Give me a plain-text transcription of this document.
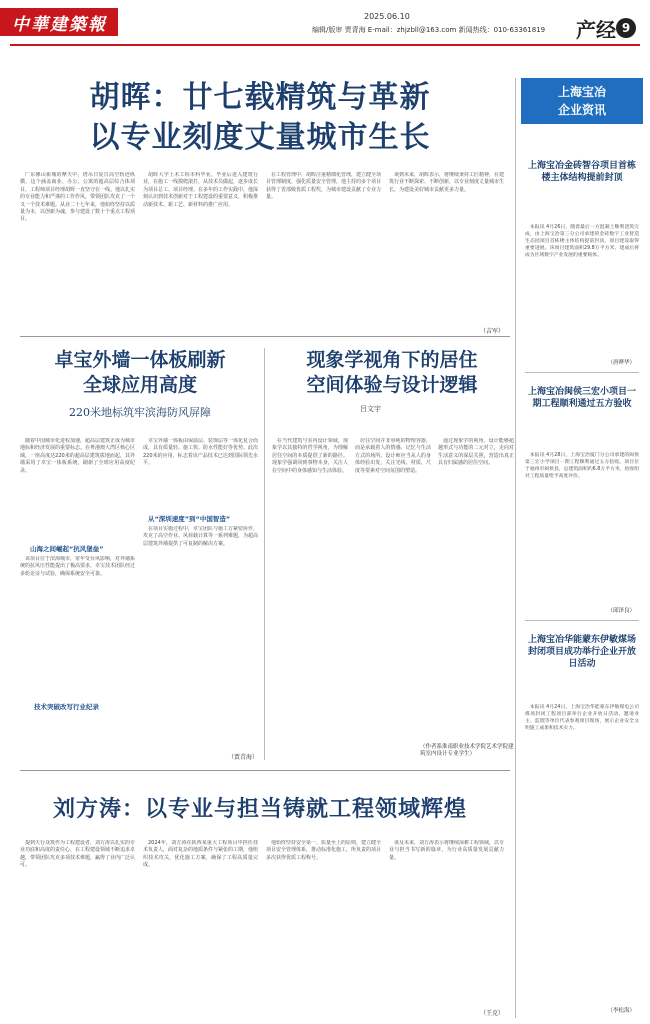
中華建築報	2025.06.10
编辑/版审 贾青海 E-mail：zhjzbll@163.com 新闻热线：010-63361819 产经 9
胡晖：廿七载精筑与革新
以专业刻度丈量城市生长

广东佛山新城的摩天中，塔吊日复日高空轨迹纵横，这个涵盖商业、办公、公寓的超高层综合体项目，工程师项目经理胡晖一直坚守在一线。他以扎实的专业能力和严谨的工作作风，带领团队攻克了一个又一个技术难题。从业二十七年来，他始终坚持以质量为本，以创新为魂，参与建设了数十个重点工程项目。

胡晖大学土木工程本科毕业，毕业后进入建筑行业，在施工一线摸爬滚打，从技术员做起，逐步成长为项目总工、项目经理。在多年的工作实践中，他深刻认识到技术创新对于工程建设的重要意义，积极推动新技术、新工艺、新材料的推广应用。

在工程管理中，胡晖注重精细化管理，建立健全项目管理制度，强化质量安全管理。他主持的多个项目获得了省部级优质工程奖，为城市建设贡献了专业力量。

谈到未来，胡晖表示，将继续秉持工匠精神，在建筑行业不断探索、不断创新，以专业刻度丈量城市生长，为建设美好城市贡献更多力量。

（吉军）
卓宝外墙一体板刷新
全球应用高度
220米地标筑牢滨海防风屏障

随着中国城市化进程加速，超高层建筑正成为城市地标和经济发展的重要标志。在粤港澳大湾区核心区域，一座高度达220米的超高层建筑拔地而起，其外墙采用了卓宝一体板系统，刷新了全球应用高度纪录。

山海之间崛起“抗风堡垒”

该项目位于滨海城市，常年受台风影响，对外墙系统的抗风压性能提出了极高要求。卓宝技术团队经过多轮论证与试验，确保系统安全可靠。

技术突破改写行业纪录

卓宝外墙一体板由保温层、装饰层等一体化复合而成，具有质量轻、施工快、防水性能好等优势。此次220米的应用，标志着该产品技术已达到国际领先水平。

从“深圳速度”到“中国智造”

在项目实施过程中，卓宝团队与施工方紧密协作，攻克了高空作业、风荷载计算等一系列难题，为超高层建筑外墙提供了可复制的解决方案。

（贾青海）
现象学视角下的居住
空间体验与设计逻辑
吕文宇

在当代建筑与室内设计领域，现象学以其独特的哲学视角，为理解居住空间的本质提供了新的路径。现象学强调回到事物本身，关注人在空间中的身体感知与生活体验。

居住空间并非单纯的物理容器，而是承载着人的情感、记忆与生活方式的场所。设计师应当从人的身体经验出发，关注光线、材质、尺度等要素对空间氛围的塑造。

通过现象学的视角，设计能够超越形式与功能的二元对立，走向对生活意义的深层关照，营造出真正具有归属感的居住空间。

（作者系淮南职业技术学院艺术学院建筑室内设计专业学生）
刘方涛：以专业与担当铸就工程领域辉煌

提到天行众筑作为工程建设者，刘方涛以扎实的专业功底和高度的责任心，在工程建设领域不断追求卓越，带领团队攻克多项技术难题，赢得了业内广泛认可。

2024年，刘方涛在陕西某重大工程项目中担任技术负责人，面对复杂的地质条件与紧张的工期，他组织技术攻关，优化施工方案，确保了工程高质量完成。

他始终坚持安全第一、质量至上的原则，建立健全项目安全管理体系，推动标准化施工，所负责的项目多次获得优质工程称号。

谈及未来，刘方涛表示将继续深耕工程领域，以专业与担当书写新的篇章，为行业高质量发展贡献力量。

（王克）
上海宝冶
企业资讯
上海宝冶金砖智谷项目首栋楼主体结构提前封顶

本报讯 4月26日，随着最后一方混凝土顺利浇筑完成，由上海宝冶第三分公司承建的金砖数字工业智造生态园项目首栋楼主体结构提前封顶，项目建设取得重要进展。该项目建筑面积29.8万平方米，建成后将成为区域数字产业发展的重要载体。

（唐晔华）
上海宝冶闽侯三宏小项目一期工程顺利通过五方验收

本报讯 4月28日，上海宝冶厦门分公司承建的闽侯第三宏小学项目一期工程顺利通过五方验收。项目位于福州市闽侯县，总建筑面积约6.8万平方米，验收组对工程质量给予高度评价。

（邱泽良）
上海宝冶华能蒙东伊敏煤场封闭项目成功举行企业开放日活动

本报讯 4月24日，上海宝冶华能蒙东伊敏煤电公司煤场封闭工程项目部举行企业开放日活动，邀请业主、监理等单位代表参观项目现场，展示企业安全文明施工成果和技术实力。

（李松海）
